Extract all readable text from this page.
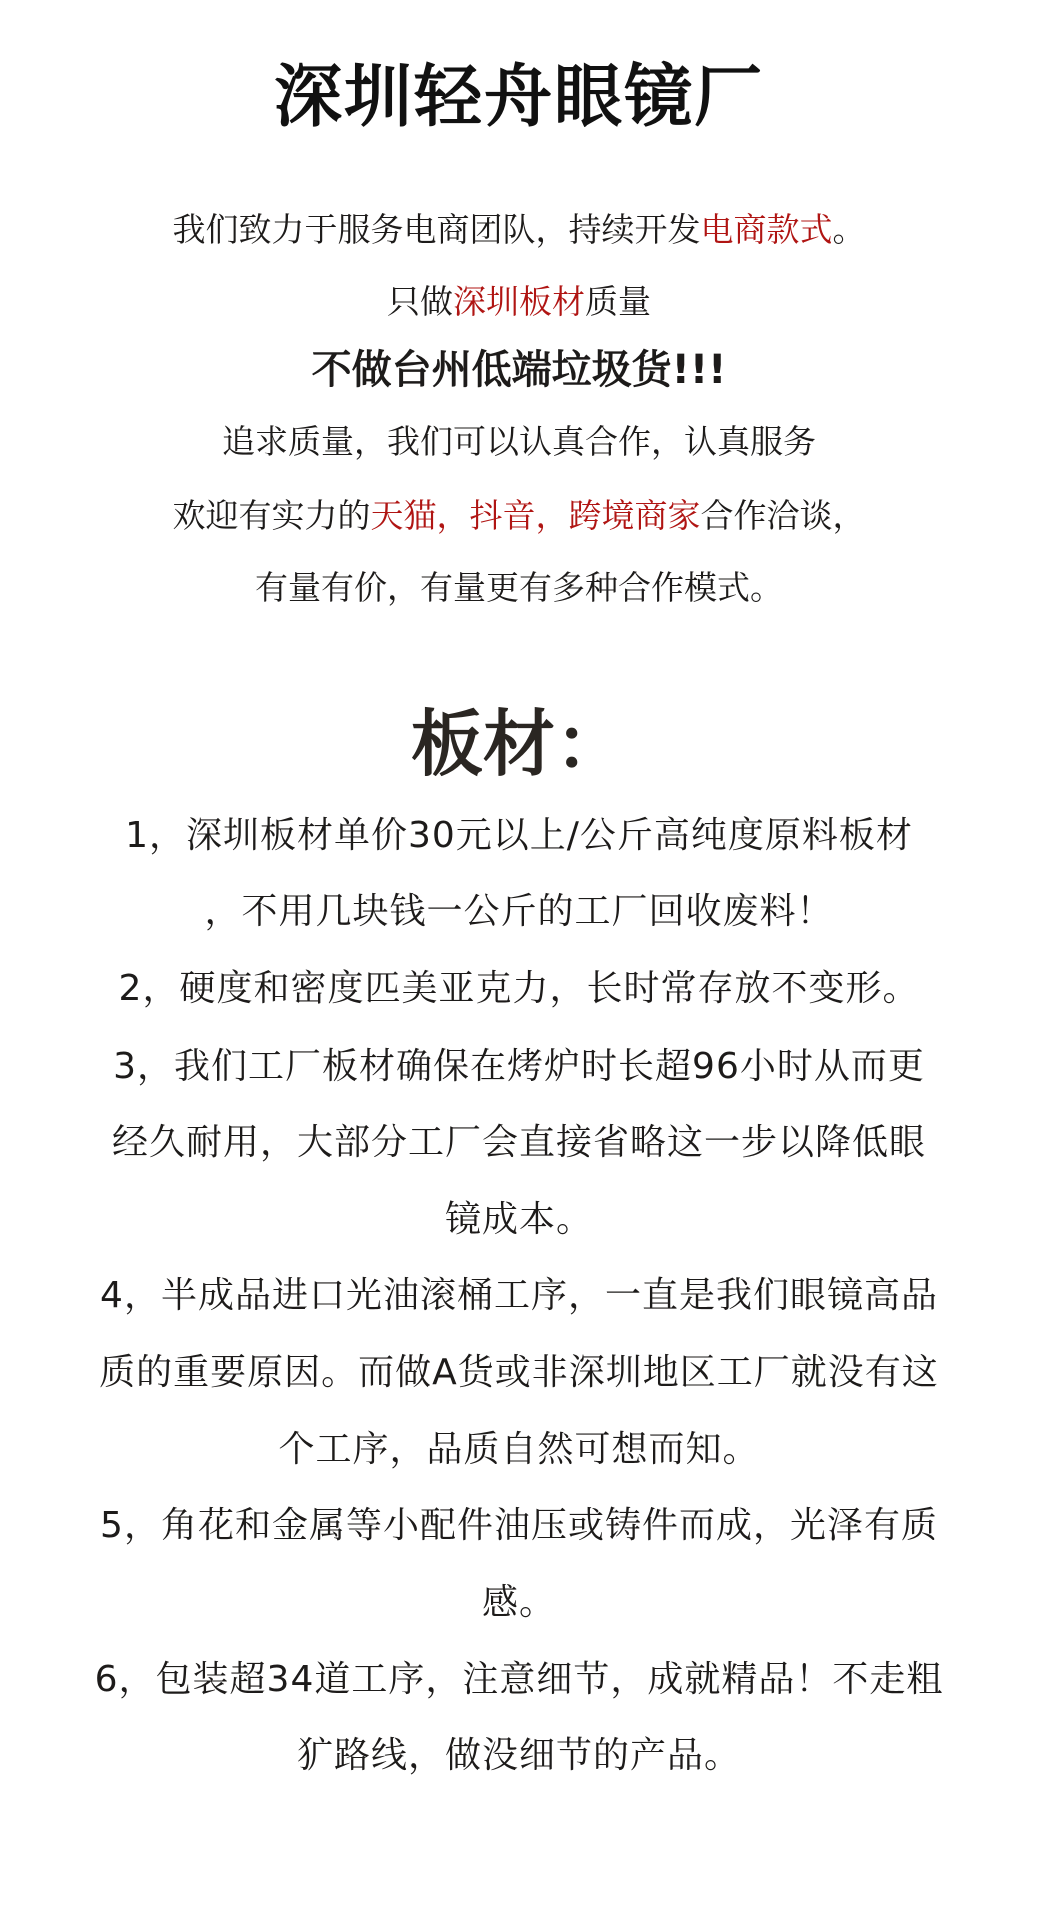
深圳轻舟眼镜厂
我们致力于服务电商团队，持续开发电商款式。
只做深圳板材质量
不做台州低端垃圾货!!!
追求质量，我们可以认真合作，认真服务
欢迎有实力的天猫，抖音，跨境商家合作洽谈，
有量有价，有量更有多种合作模式。
板材：
1，深圳板材单价30元以上/公斤高纯度原料板材
，不用几块钱一公斤的工厂回收废料！
2，硬度和密度匹美亚克力，长时常存放不变形。
3，我们工厂板材确保在烤炉时长超96小时从而更
经久耐用，大部分工厂会直接省略这一步以降低眼
镜成本。
4，半成品进口光油滚桶工序，一直是我们眼镜高品
质的重要原因。而做A货或非深圳地区工厂就没有这
个工序，品质自然可想而知。
5，角花和金属等小配件油压或铸件而成，光泽有质
感。
6，包装超34道工序，注意细节，成就精品！不走粗
犷路线，做没细节的产品。
